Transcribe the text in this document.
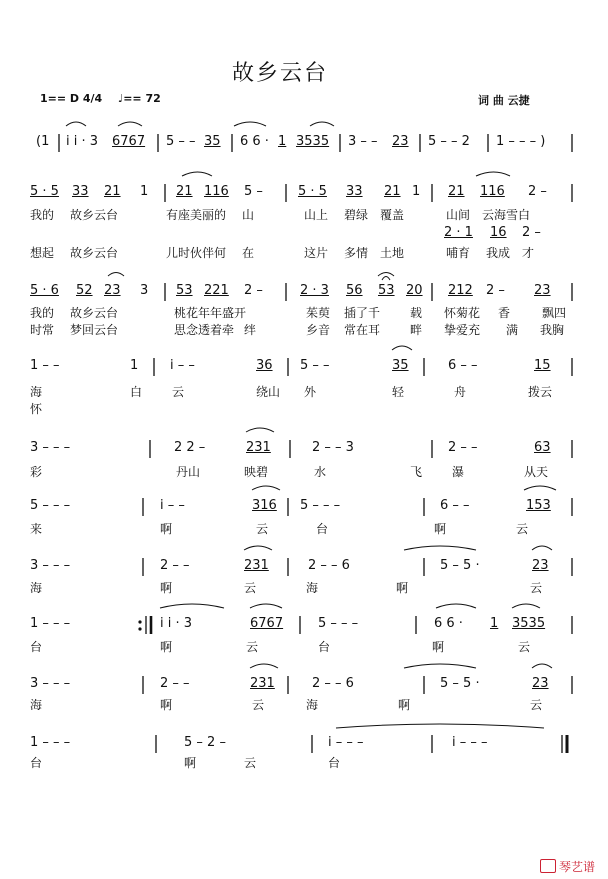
故乡云台
1== D 4/4 ♩== 72	词 曲 云捷
(1 i i · 3 6767 5 – – 35 6 6 · 1 3535 3 – – 23 5 – – 2 1 – – – )
5 · 5 33 21 1 21 116 5 –	5 · 5 33 21 1 21 116 2 –
我的 故乡云台	有座美丽的 山	山上 碧绿 覆盖	山间 云海雪白
2 · 1 16 2 –
想起 故乡云台	儿时伙伴何 在	这片 多情 土地	哺育 我成 才
5 · 6 52 23 3 53 221 2 –	2 · 3 56 53 20 212 2 – 23
我的 故乡云台	桃花年年盛开	茱萸 插了千 载 怀菊花 香	飘四
时常 梦回云台	思念透着牵 绊	乡音 常在耳 畔 挚爱充 满 我胸
1 – –	1 i – –	36 5 – –	35	6 – –	15
海	白 云	绕山 外	轻	舟	拨云
怀
3 – – –	2 2 –	231	2 – – 3	2 – –	63
彩	丹山	映碧	水	飞 瀑	从天
5 – – –	i – –	316 5 – – –	6 – –	153
来	啊	云	台	啊	云
3 – – –	2 – –	231	2 – – 6	5 – 5 ·	23
海	啊	云	海	啊	云
1 – – –	i i · 3	6767	5 – – –	6 6 · 1 3535
台	啊	云	台	啊	云
3 – – –	2 – –	231	2 – – 6	5 – 5 ·	23
海	啊	云	海	啊	云
1 – – –	5 – 2 –	i – – –	i – – –
台	啊	云	台
琴艺谱
